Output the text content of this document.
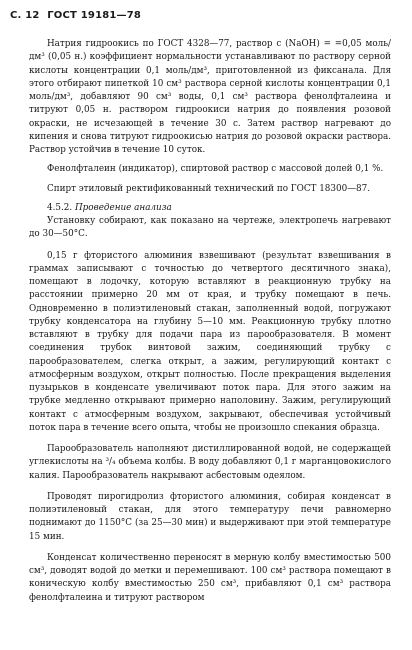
С. 12 ГОСТ 19181—78

Натрия гидроокись по ГОСТ 4328—77, раствор c (NaOH) = =0,05 моль/дм³ (0,05 н.) коэффициент нормальности устанавливают по раствору серной кислоты концентрации 0,1 моль/дм³, приготовленной из фиксанала. Для этого отбирают пипеткой 10 см³ раствора серной кислоты концентрации 0,1 моль/дм³, добавляют 90 см³ воды, 0,1 см³ раствора фенолфталеина и титруют 0,05 н. раствором гидроокиси натрия до появления розовой окраски, не исчезающей в течение 30 с. Затем раствор нагревают до кипения и снова титруют гидроокисью натрия до розовой окраски раствора. Раствор устойчив в течение 10 суток.

Фенолфталеин (индикатор), спиртовой раствор с массовой долей 0,1 %.

Спирт этиловый ректификованный технический по ГОСТ 18300—87.

4.5.2. Проведение анализа

Установку собирают, как показано на чертеже, электропечь нагревают до 30—50°С.

0,15 г фтористого алюминия взвешивают (результат взвешивания в граммах записывают с точностью до четвертого десятичного знака), помещают в лодочку, которую вставляют в реакционную трубку на расстоянии примерно 20 мм от края, и трубку помещают в печь. Одновременно в полиэтиленовый стакан, заполненный водой, погружают трубку конденсатора на глубину 5—10 мм. Реакционную трубку плотно вставляют в трубку для подачи пара из парообразователя. В момент соединения трубок винтовой зажим, соединяющий трубку с парообразователем, слегка открыт, а зажим, регулирующий контакт с атмосферным воздухом, открыт полностью. После прекращения выделения пузырьков в конденсате увеличивают поток пара. Для этого зажим на трубке медленно открывают примерно наполовину. Зажим, регулирующий контакт с атмосферным воздухом, закрывают, обеспечивая устойчивый поток пара в течение всего опыта, чтобы не произошло спекания образца.

Парообразователь наполняют дистиллированной водой, не содержащей углекислоты на ³/₄ объема колбы. В воду добавляют 0,1 г марганцовокислого калия. Парообразователь накрывают асбестовым одеялом.

Проводят пирогидролиз фтористого алюминия, собирая конденсат в полиэтиленовый стакан, для этого температуру печи равномерно поднимают до 1150°С (за 25—30 мин) и выдерживают при этой температуре 15 мин.

Конденсат количественно переносят в мерную колбу вместимостью 500 см³, доводят водой до метки и перемешивают. 100 см³ раствора помещают в коническую колбу вместимостью 250 см³, прибавляют 0,1 см³ раствора фенолфталеина и титруют раствором
